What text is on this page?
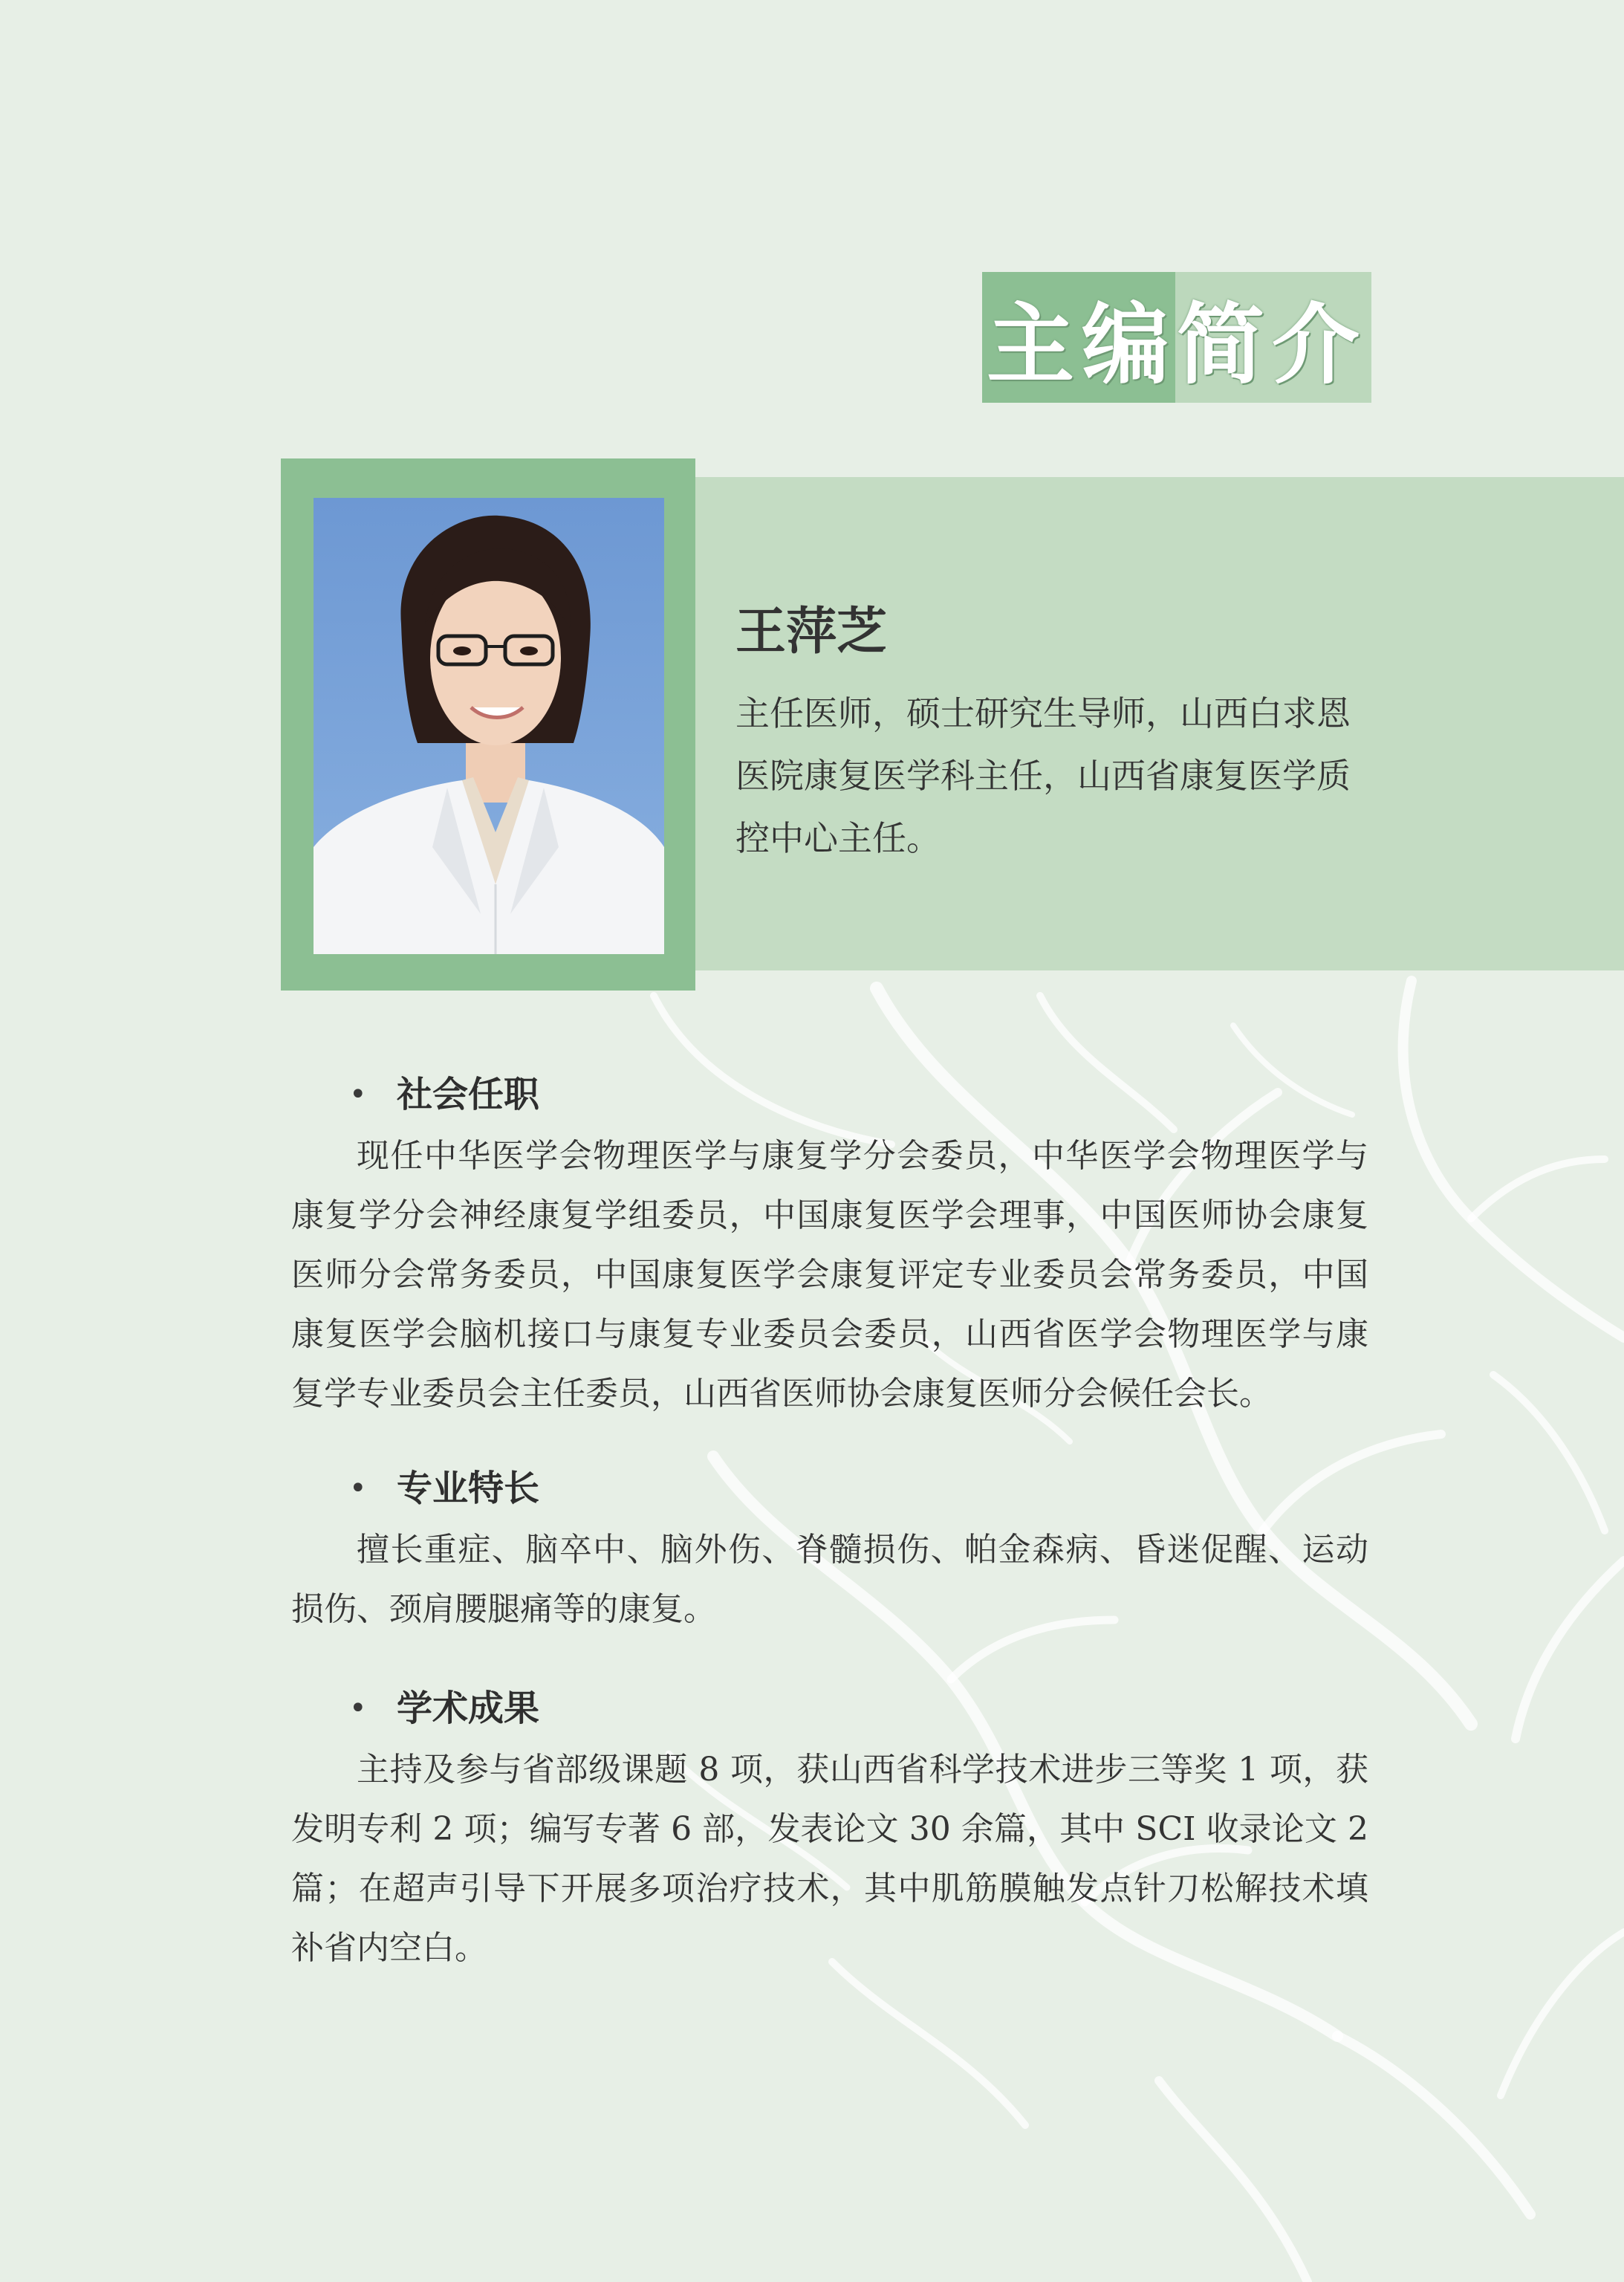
主编简介
王萍芝

主任医师，硕士研究生导师，山西白求恩医院康复医学科主任，山西省康复医学质控中心主任。

• 社会任职

现任中华医学会物理医学与康复学分会委员，中华医学会物理医学与康复学分会神经康复学组委员，中国康复医学会理事，中国医师协会康复医师分会常务委员，中国康复医学会康复评定专业委员会常务委员，中国康复医学会脑机接口与康复专业委员会委员，山西省医学会物理医学与康复学专业委员会主任委员，山西省医师协会康复医师分会候任会长。

• 专业特长

擅长重症、脑卒中、脑外伤、脊髓损伤、帕金森病、昏迷促醒、运动损伤、颈肩腰腿痛等的康复。

• 学术成果

主持及参与省部级课题 8 项，获山西省科学技术进步三等奖 1 项，获发明专利 2 项；编写专著 6 部，发表论文 30 余篇，其中 SCI 收录论文 2 篇；在超声引导下开展多项治疗技术，其中肌筋膜触发点针刀松解技术填补省内空白。
